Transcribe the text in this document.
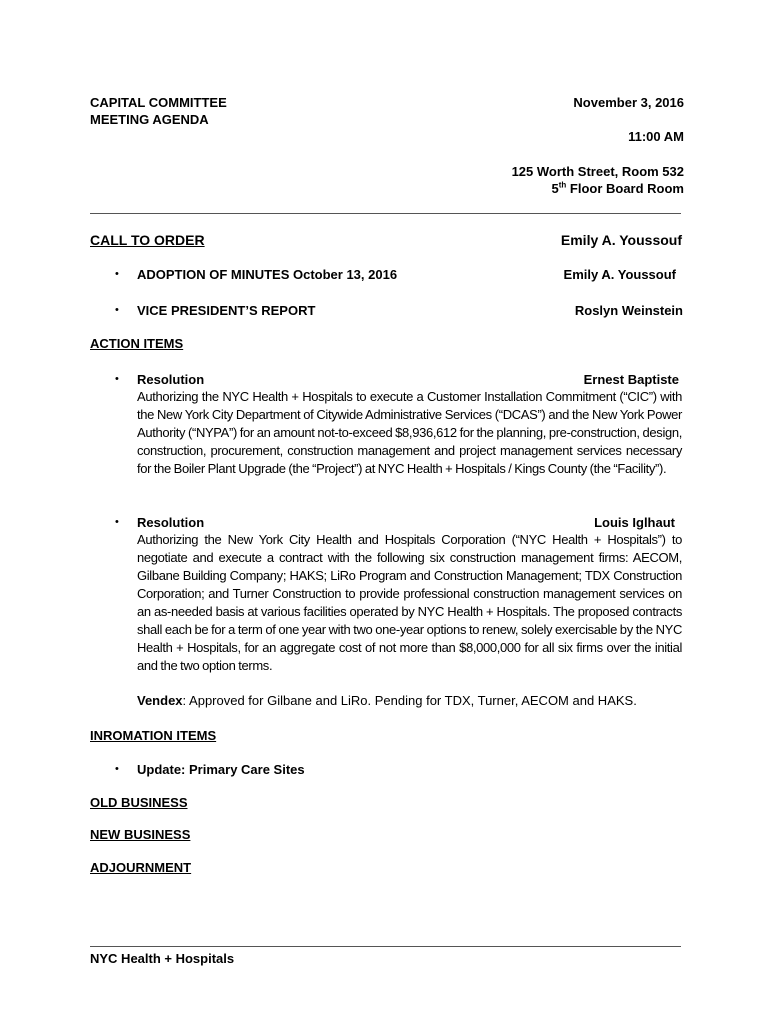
CAPITAL COMMITTEE
MEETING AGENDA
November 3, 2016
11:00 AM
125 Worth Street, Room 532
5th Floor Board Room
CALL TO ORDER	Emily A. Youssouf
• ADOPTION OF MINUTES October 13, 2016	Emily A. Youssouf
• VICE PRESIDENT’S REPORT	Roslyn Weinstein
ACTION ITEMS
• Resolution	Ernest Baptiste
Authorizing the NYC Health + Hospitals to execute a Customer Installation Commitment (“CIC”) with the New York City Department of Citywide Administrative Services (“DCAS”) and the New York Power Authority (“NYPA”) for an amount not-to-exceed $8,936,612 for the planning, pre-construction, design, construction, procurement, construction management and project management services necessary for the Boiler Plant Upgrade (the “Project”) at NYC Health + Hospitals / Kings County (the “Facility”).
• Resolution	Louis Iglhaut
Authorizing the New York City Health and Hospitals Corporation (“NYC Health + Hospitals”) to negotiate and execute a contract with the following six construction management firms: AECOM, Gilbane Building Company; HAKS; LiRo Program and Construction Management; TDX Construction Corporation; and Turner Construction to provide professional construction management services on an as-needed basis at various facilities operated by NYC Health + Hospitals. The proposed contracts shall each be for a term of one year with two one-year options to renew, solely exercisable by the NYC Health + Hospitals, for an aggregate cost of not more than $8,000,000 for all six firms over the initial and the two option terms.
Vendex: Approved for Gilbane and LiRo. Pending for TDX, Turner, AECOM and HAKS.
INROMATION ITEMS
• Update: Primary Care Sites
OLD BUSINESS
NEW BUSINESS
ADJOURNMENT
NYC Health + Hospitals
